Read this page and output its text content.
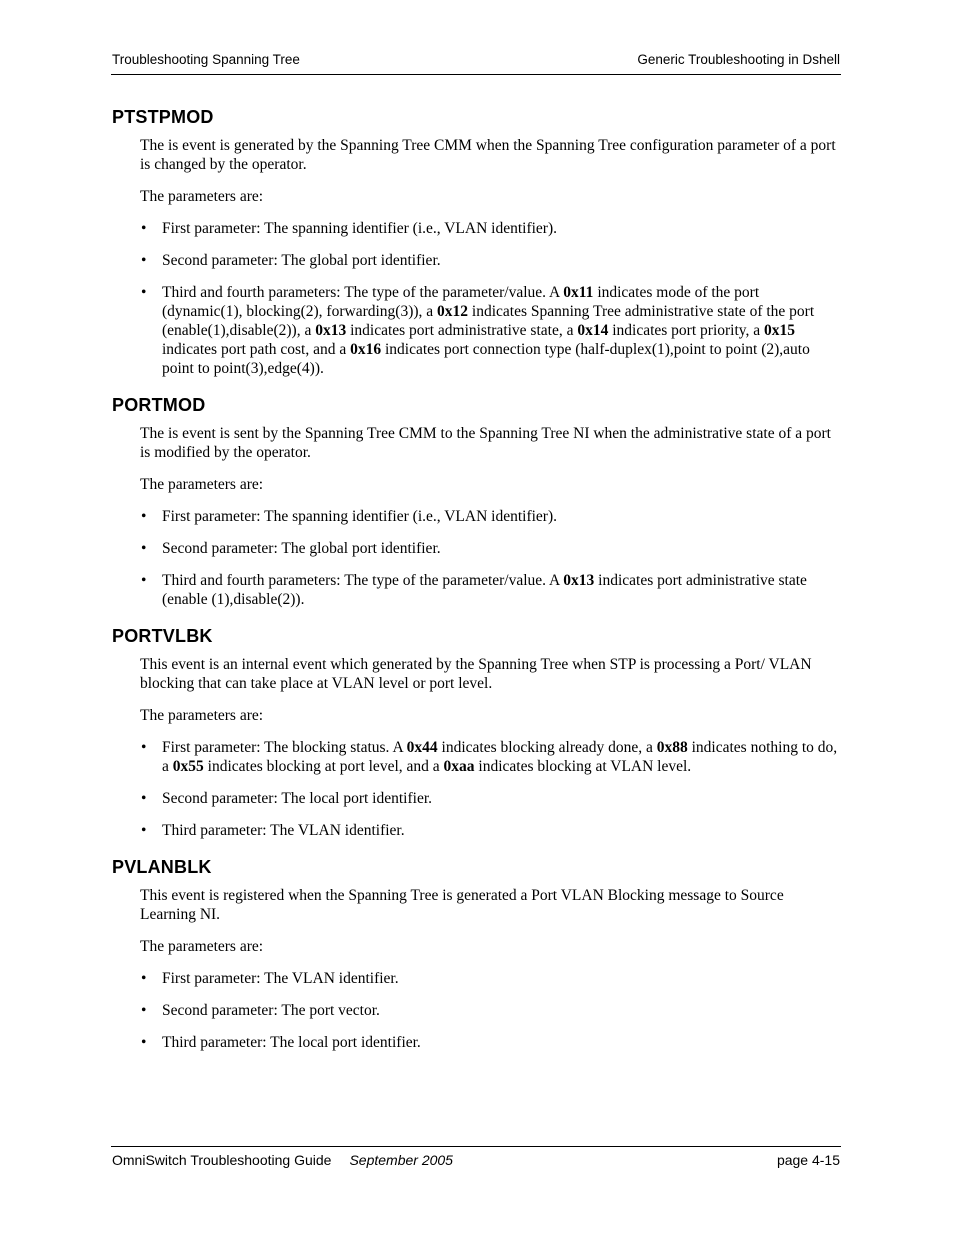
Troubleshooting Spanning Tree	Generic Troubleshooting in Dshell
PTSTPMOD

The is event is generated by the Spanning Tree CMM when the Spanning Tree configuration parameter of a port is changed by the operator.

The parameters are:

• First parameter: The spanning identifier (i.e., VLAN identifier).
• Second parameter: The global port identifier.
• Third and fourth parameters: The type of the parameter/value. A 0x11 indicates mode of the port (dynamic(1), blocking(2), forwarding(3)), a 0x12 indicates Spanning Tree administrative state of the port (enable(1),disable(2)), a 0x13 indicates port administrative state, a 0x14 indicates port priority, a 0x15 indicates port path cost, and a 0x16 indicates port connection type (half-duplex(1),point to point (2),auto point to point(3),edge(4)).
PORTMOD

The is event is sent by the Spanning Tree CMM to the Spanning Tree NI when the administrative state of a port is modified by the operator.

The parameters are:

• First parameter: The spanning identifier (i.e., VLAN identifier).
• Second parameter: The global port identifier.
• Third and fourth parameters: The type of the parameter/value. A 0x13 indicates port administrative state (enable (1),disable(2)).
PORTVLBK

This event is an internal event which generated by the Spanning Tree when STP is processing a Port/ VLAN blocking that can take place at VLAN level or port level.

The parameters are:

• First parameter: The blocking status. A 0x44 indicates blocking already done, a 0x88 indicates nothing to do, a 0x55 indicates blocking at port level, and a 0xaa indicates blocking at VLAN level.
• Second parameter: The local port identifier.
• Third parameter: The VLAN identifier.
PVLANBLK

This event is registered when the Spanning Tree is generated a Port VLAN Blocking message to Source Learning NI.

The parameters are:

• First parameter: The VLAN identifier.
• Second parameter: The port vector.
• Third parameter: The local port identifier.
OmniSwitch Troubleshooting Guide September 2005	page 4-15
